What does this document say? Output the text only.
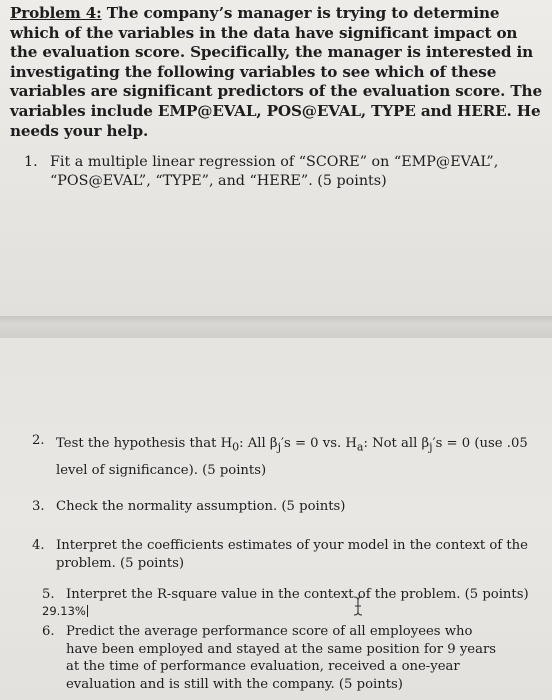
Problem 4: The company’s manager is trying to determine which of the variables in the data have significant impact on the evaluation score. Specifically, the manager is interested in investigating the following variables to see which of these variables are significant predictors of the evaluation score. The variables include EMP@EVAL, POS@EVAL, TYPE and HERE. He needs your help.
1. Fit a multiple linear regression of “SCORE” on “EMP@EVAL”, “POS@EVAL”, “TYPE”, and “HERE”. (5 points)
2. Test the hypothesis that $H_0$: All $\beta_j's = 0$ vs. $H_a$: Not all $\beta_j's = 0$ (use .05 level of significance). (5 points)
3. Check the normality assumption. (5 points)
4. Interpret the coefficients estimates of your model in the context of the problem. (5 points)
5. Interpret the R-square value in the context of the problem. (5 points)
29.13%
6. Predict the average performance score of all employees who have been employed and stayed at the same position for 9 years at the time of performance evaluation, received a one-year evaluation and is still with the company. (5 points)
